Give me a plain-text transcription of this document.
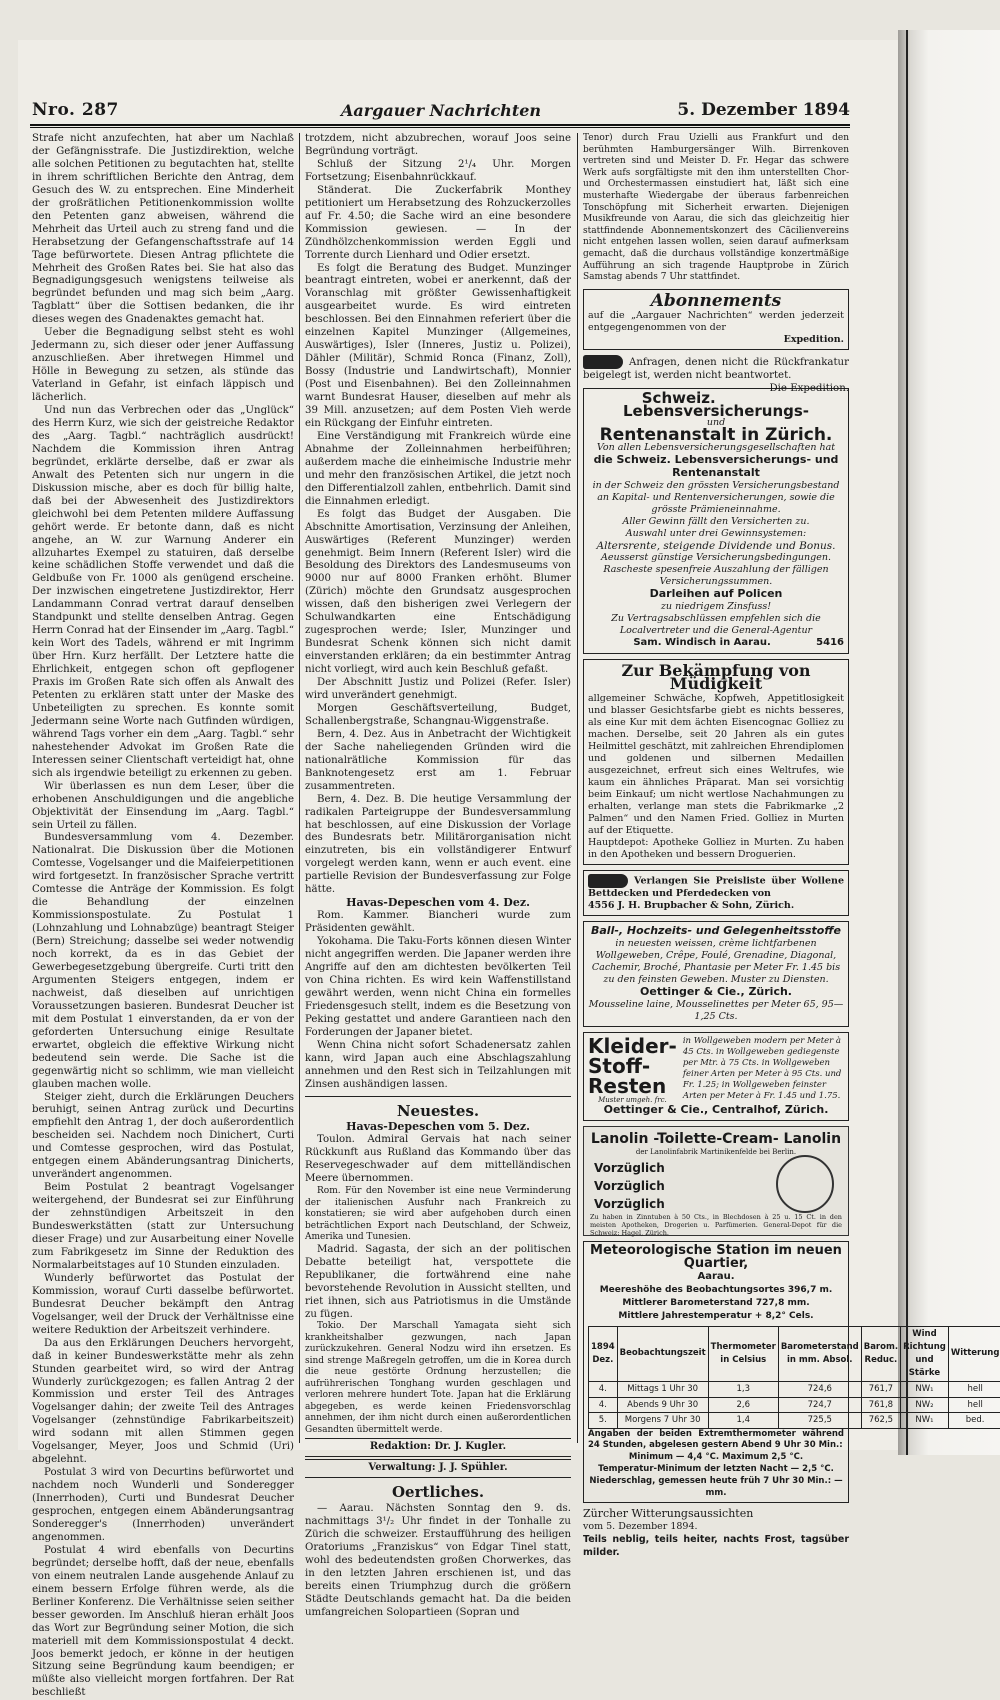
Nro. 287	Aargauer Nachrichten	5. Dezember 1894

Strafe nicht anzufechten, hat aber um Nachlaß der Gefängnisstrafe. Die Justizdirektion, welche alle solchen Petitionen zu begutachten hat, stellte in ihrem schriftlichen Berichte den Antrag, dem Gesuch des W. zu entsprechen. Eine Minderheit der großrätlichen Petitionenkommission wollte den Petenten ganz abweisen, während die Mehrheit das Urteil auch zu streng fand und die Herabsetzung der Gefangenschaftsstrafe auf 14 Tage befürwortete. Diesen Antrag pflichtete die Mehrheit des Großen Rates bei. Sie hat also das Begnadigungsgesuch wenigstens teilweise als begründet befunden und mag sich beim „Aarg. Tagblatt“ über die Sottisen bedanken, die ihr dieses wegen des Gnadenaktes gemacht hat.

Ueber die Begnadigung selbst steht es wohl Jedermann zu, sich dieser oder jener Auffassung anzuschließen. Aber ihretwegen Himmel und Hölle in Bewegung zu setzen, als stünde das Vaterland in Gefahr, ist einfach läppisch und lächerlich.

Und nun das Verbrechen oder das „Unglück“ des Herrn Kurz, wie sich der geistreiche Redaktor des „Aarg. Tagbl.“ nachträglich ausdrückt! Nachdem die Kommission ihren Antrag begründet, erklärte derselbe, daß er zwar als Anwalt des Petenten sich nur ungern in die Diskussion mische, aber es doch für billig halte, daß bei der Abwesenheit des Justizdirektors gleichwohl bei dem Petenten mildere Auffassung gehört werde. Er betonte dann, daß es nicht angehe, an W. zur Warnung Anderer ein allzuhartes Exempel zu statuiren, daß derselbe keine schädlichen Stoffe verwendet und daß die Geldbuße von Fr. 1000 als genügend erscheine. Der inzwischen eingetretene Justizdirektor, Herr Landammann Conrad vertrat darauf denselben Standpunkt und stellte denselben Antrag. Gegen Herrn Conrad hat der Einsender im „Aarg. Tagbl.“ kein Wort des Tadels, während er mit Ingrimm über Hrn. Kurz herfällt. Der Letztere hatte die Ehrlichkeit, entgegen schon oft gepflogener Praxis im Großen Rate sich offen als Anwalt des Petenten zu erklären statt unter der Maske des Unbeteiligten zu sprechen. Es konnte somit Jedermann seine Worte nach Gutfinden würdigen, während Tags vorher ein dem „Aarg. Tagbl.“ sehr nahestehender Advokat im Großen Rate die Interessen seiner Clientschaft verteidigt hat, ohne sich als irgendwie beteiligt zu erkennen zu geben.

Wir überlassen es nun dem Leser, über die erhobenen Anschuldigungen und die angebliche Objektivität der Einsendung im „Aarg. Tagbl.“ sein Urteil zu fällen.

Bundesversammlung vom 4. Dezember. Nationalrat. Die Diskussion über die Motionen Comtesse, Vogelsanger und die Maifeierpetitionen wird fortgesetzt. In französischer Sprache vertritt Comtesse die Anträge der Kommission. Es folgt die Behandlung der einzelnen Kommissionspostulate. Zu Postulat 1 (Lohnzahlung und Lohnabzüge) beantragt Steiger (Bern) Streichung; dasselbe sei weder notwendig noch korrekt, da es in das Gebiet der Gewerbegesetzgebung übergreife. Curti tritt den Argumenten Steigers entgegen, indem er nachweist, daß dieselben auf unrichtigen Voraussetzungen basieren. Bundesrat Deucher ist mit dem Postulat 1 einverstanden, da er von der geforderten Untersuchung einige Resultate erwartet, obgleich die effektive Wirkung nicht bedeutend sein werde. Die Sache ist die gegenwärtig nicht so schlimm, wie man vielleicht glauben machen wolle.

Steiger zieht, durch die Erklärungen Deuchers beruhigt, seinen Antrag zurück und Decurtins empfiehlt den Antrag 1, der doch außerordentlich bescheiden sei. Nachdem noch Dinichert, Curti und Comtesse gesprochen, wird das Postulat, entgegen einem Abänderungsantrag Dinicherts, unverändert angenommen.

Beim Postulat 2 beantragt Vogelsanger weitergehend, der Bundesrat sei zur Einführung der zehnstündigen Arbeitszeit in den Bundeswerkstätten (statt zur Untersuchung dieser Frage) und zur Ausarbeitung einer Novelle zum Fabrikgesetz im Sinne der Reduktion des Normalarbeitstages auf 10 Stunden einzuladen.

Wunderly befürwortet das Postulat der Kommission, worauf Curti dasselbe befürwortet. Bundesrat Deucher bekämpft den Antrag Vogelsanger, weil der Druck der Verhältnisse eine weitere Reduktion der Arbeitszeit verhindere.

Da aus den Erklärungen Deuchers hervorgeht, daß in keiner Bundeswerkstätte mehr als zehn Stunden gearbeitet wird, so wird der Antrag Wunderly zurückgezogen; es fallen Antrag 2 der Kommission und erster Teil des Antrages Vogelsanger dahin; der zweite Teil des Antrages Vogelsanger (zehnstündige Fabrikarbeitszeit) wird sodann mit allen Stimmen gegen Vogelsanger, Meyer, Joos und Schmid (Uri) abgelehnt.

Postulat 3 wird von Decurtins befürwortet und nachdem noch Wunderli und Sonderegger (Innerrhoden), Curti und Bundesrat Deucher gesprochen, entgegen einem Abänderungsantrag Sonderegger's (Innerrhoden) unverändert angenommen.

Postulat 4 wird ebenfalls von Decurtins begründet; derselbe hofft, daß der neue, ebenfalls von einem neutralen Lande ausgehende Anlauf zu einem bessern Erfolge führen werde, als die Berliner Konferenz. Die Verhältnisse seien seither besser geworden. Im Anschluß hieran erhält Joos das Wort zur Begründung seiner Motion, die sich materiell mit dem Kommissionspostulat 4 deckt. Joos bemerkt jedoch, er könne in der heutigen Sitzung seine Begründung kaum beendigen; er müßte also vielleicht morgen fortfahren. Der Rat beschließt

trotzdem, nicht abzubrechen, worauf Joos seine Begründung vorträgt.

Schluß der Sitzung 2¹/₄ Uhr. Morgen Fortsetzung; Eisenbahnrückkauf.

Ständerat. Die Zuckerfabrik Monthey petitioniert um Herabsetzung des Rohzuckerzolles auf Fr. 4.50; die Sache wird an eine besondere Kommission gewiesen. — In der Zündhölzchenkommission werden Eggli und Torrente durch Lienhard und Odier ersetzt.

Es folgt die Beratung des Budget. Munzinger beantragt eintreten, wobei er anerkennt, daß der Voranschlag mit größter Gewissenhaftigkeit ausgearbeitet wurde. Es wird eintreten beschlossen. Bei den Einnahmen referiert über die einzelnen Kapitel Munzinger (Allgemeines, Auswärtiges), Isler (Inneres, Justiz u. Polizei), Dähler (Militär), Schmid Ronca (Finanz, Zoll), Bossy (Industrie und Landwirtschaft), Monnier (Post und Eisenbahnen). Bei den Zolleinnahmen warnt Bundesrat Hauser, dieselben auf mehr als 39 Mill. anzusetzen; auf dem Posten Vieh werde ein Rückgang der Einfuhr eintreten.

Eine Verständigung mit Frankreich würde eine Abnahme der Zolleinnahmen herbeiführen; außerdem mache die einheimische Industrie mehr und mehr den französischen Artikel, die jetzt noch den Differentialzoll zahlen, entbehrlich. Damit sind die Einnahmen erledigt.

Es folgt das Budget der Ausgaben. Die Abschnitte Amortisation, Verzinsung der Anleihen, Auswärtiges (Referent Munzinger) werden genehmigt. Beim Innern (Referent Isler) wird die Besoldung des Direktors des Landesmuseums von 9000 nur auf 8000 Franken erhöht. Blumer (Zürich) möchte den Grundsatz ausgesprochen wissen, daß den bisherigen zwei Verlegern der Schulwandkarten eine Entschädigung zugesprochen werde; Isler, Munzinger und Bundesrat Schenk können sich nicht damit einverstanden erklären; da ein bestimmter Antrag nicht vorliegt, wird auch kein Beschluß gefaßt.

Der Abschnitt Justiz und Polizei (Refer. Isler) wird unverändert genehmigt.

Morgen Geschäftsverteilung, Budget, Schallenbergstraße, Schangnau-Wiggenstraße.

Bern, 4. Dez. Aus in Anbetracht der Wichtigkeit der Sache naheliegenden Gründen wird die nationalrätliche Kommission für das Banknotengesetz erst am 1. Februar zusammentreten.

Bern, 4. Dez. B. Die heutige Versammlung der radikalen Parteigruppe der Bundesversammlung hat beschlossen, auf eine Diskussion der Vorlage des Bundesrats betr. Militärorganisation nicht einzutreten, bis ein vollständigerer Entwurf vorgelegt werden kann, wenn er auch event. eine partielle Revision der Bundesverfassung zur Folge hätte.

Havas-Depeschen vom 4. Dez.

Rom. Kammer. Biancheri wurde zum Präsidenten gewählt.

Yokohama. Die Taku-Forts können diesen Winter nicht angegriffen werden. Die Japaner werden ihre Angriffe auf den am dichtesten bevölkerten Teil von China richten. Es wird kein Waffenstillstand gewährt werden, wenn nicht China ein formelles Friedensgesuch stellt, indem es die Besetzung von Peking gestattet und andere Garantieen nach den Forderungen der Japaner bietet.

Wenn China nicht sofort Schadenersatz zahlen kann, wird Japan auch eine Abschlagszahlung annehmen und den Rest sich in Teilzahlungen mit Zinsen aushändigen lassen.

Neuestes.

Havas-Depeschen vom 5. Dez.

Toulon. Admiral Gervais hat nach seiner Rückkunft aus Rußland das Kommando über das Reservegeschwader auf dem mittelländischen Meere übernommen.

Rom. Für den November ist eine neue Verminderung der italienischen Ausfuhr nach Frankreich zu konstatieren; sie wird aber aufgehoben durch einen beträchtlichen Export nach Deutschland, der Schweiz, Amerika und Tunesien.

Madrid. Sagasta, der sich an der politischen Debatte beteiligt hat, verspottete die Republikaner, die fortwährend eine nahe bevorstehende Revolution in Aussicht stellten, und riet ihnen, sich aus Patriotismus in die Umstände zu fügen.

Tokio. Der Marschall Yamagata sieht sich krankheitshalber gezwungen, nach Japan zurückzukehren. General Nodzu wird ihn ersetzen. Es sind strenge Maßregeln getroffen, um die in Korea durch die neue gestörte Ordnung herzustellen; die aufrührerischen Tonghang wurden geschlagen und verloren mehrere hundert Tote. Japan hat die Erklärung abgegeben, es werde keinen Friedensvorschlag annehmen, der ihm nicht durch einen außerordentlichen Gesandten übermittelt werde.

Redaktion: Dr. J. Kugler.
Verwaltung: J. J. Spühler.

Oertliches.

— Aarau. Nächsten Sonntag den 9. ds. nachmittags 3¹/₂ Uhr findet in der Tonhalle zu Zürich die schweizer. Erstaufführung des heiligen Oratoriums „Franziskus“ von Edgar Tinel statt, wohl des bedeutendsten großen Chorwerkes, das in den letzten Jahren erschienen ist, und das bereits einen Triumphzug durch die größern Städte Deutschlands gemacht hat. Da die beiden umfangreichen Solopartieen (Sopran und

Tenor) durch Frau Uzielli aus Frankfurt und den berühmten Hamburgersänger Wilh. Birrenkoven vertreten sind und Meister D. Fr. Hegar das schwere Werk aufs sorgfältigste mit den ihm unterstellten Chor- und Orchestermassen einstudiert hat, läßt sich eine musterhafte Wiedergabe der überaus farbenreichen Tonschöpfung mit Sicherheit erwarten. Diejenigen Musikfreunde von Aarau, die sich das gleichzeitig hier stattfindende Abonnementskonzert des Cäcilienvereins nicht entgehen lassen wollen, seien darauf aufmerksam gemacht, daß die durchaus vollständige konzertmäßige Aufführung an sich tragende Hauptprobe in Zürich Samstag abends 7 Uhr stattfindet.

Abonnements
auf die „Aargauer Nachrichten“ werden jederzeit entgegengenommen von der
Expedition.
Anfragen, denen nicht die Rückfrankatur beigelegt ist, werden nicht beantwortet.
Die Expedition.
Schweiz. Lebensversicherungs-
und
Rentenanstalt in Zürich.
Von allen Lebensversicherungsgesellschaften hat
die Schweiz. Lebensversicherungs- und
Rentenanstalt
in der Schweiz den grössten Versicherungsbestand an Kapital- und Rentenversicherungen, sowie die grösste Prämieneinnahme.
Aller Gewinn fällt den Versicherten zu.
Auswahl unter drei Gewinnsystemen:
Altersrente, steigende Dividende und Bonus.
Aeusserst günstige Versicherungsbedingungen.
Rascheste spesenfreie Auszahlung der fälligen Versicherungssummen.
Darleihen auf Policen
zu niedrigem Zinsfuss!
Zu Vertragsabschlüssen empfehlen sich die Localvertreter und die General-Agentur
Sam. Windisch in Aarau.	5416
Zur Bekämpfung von Müdigkeit
allgemeiner Schwäche, Kopfweh, Appetitlosigkeit und blasser Gesichtsfarbe giebt es nichts besseres, als eine Kur mit dem ächten Eisencognac Golliez zu machen. Derselbe, seit 20 Jahren als ein gutes Heilmittel geschätzt, mit zahlreichen Ehrendiplomen und goldenen und silbernen Medaillen ausgezeichnet, erfreut sich eines Weltrufes, wie kaum ein ähnliches Präparat. Man sei vorsichtig beim Einkauf; um nicht wertlose Nachahmungen zu erhalten, verlange man stets die Fabrikmarke „2 Palmen“ und den Namen Fried. Golliez in Murten auf der Etiquette.
Hauptdepot: Apotheke Golliez in Murten. Zu haben in den Apotheken und bessern Droguerien.
Verlangen Sie Preisliste über Wollene Bettdecken und Pferdedecken von
4556 J. H. Brupbacher & Sohn, Zürich.
Ball-, Hochzeits- und Gelegenheitsstoffe
in neuesten weissen, crème lichtfarbenen Wollgeweben, Crêpe, Foulé, Grenadine, Diagonal, Cachemir, Broché, Phantasie per Meter Fr. 1.45 bis zu den feinsten Geweben. Muster zu Diensten.
Oettinger & Cie., Zürich.
Mousseline laine, Mousselinettes per Meter 65, 95—1,25 Cts.
Kleider-
Stoff-
Resten
Muster umgeh. frc.
in Wollgeweben modern per Meter à 45 Cts. in Wollgeweben gediegenste per Mtr. à 75 Cts. in Wollgeweben feiner Arten per Meter à 95 Cts. und Fr. 1.25; in Wollgeweben feinster Arten per Meter à Fr. 1.45 und 1.75.
Oettinger & Cie., Centralhof, Zürich.
Lanolin -Toilette-Cream- Lanolin
der Lanolinfabrik Martinikenfelde bei Berlin.
Vorzüglich
Vorzüglich
Vorzüglich
Zu haben in Zinntuben à 50 Cts., in Blechdosen à 25 u. 15 Ct. in den meisten Apotheken, Drogerien u. Parfümerien. General-Depot für die Schweiz: Hagel, Zürich.
Meteorologische Station im neuen Quartier,
Aarau.
Meereshöhe des Beobachtungsortes 396,7 m.
Mittlerer Barometerstand 727,8 mm.
Mittlere Jahrestemperatur + 8,2° Cels.
1894 Dez.	Beobachtungszeit	Thermometer in Celsius	Barometerstand in mm. Absol.	Barom. Reduc.	Wind Richtung und Stärke	Witterung
4.	Mittags 1 Uhr 30	1,3	724,6	761,7	NW₁	hell
4.	Abends 9 Uhr 30	2,6	724,7	761,8	NW₂	hell
5.	Morgens 7 Uhr 30	1,4	725,5	762,5	NW₁	bed.
Angaben der beiden Extremthermometer während 24 Stunden, abgelesen gestern Abend 9 Uhr 30 Min.:
Minimum — 4,4 °C. Maximum 2,5 °C.
Temperatur-Minimum der letzten Nacht — 2,5 °C.
Niederschlag, gemessen heute früh 7 Uhr 30 Min.: — mm.
Zürcher Witterungsaussichten
vom 5. Dezember 1894.
Teils neblig, teils heiter, nachts Frost, tagsüber milder.
